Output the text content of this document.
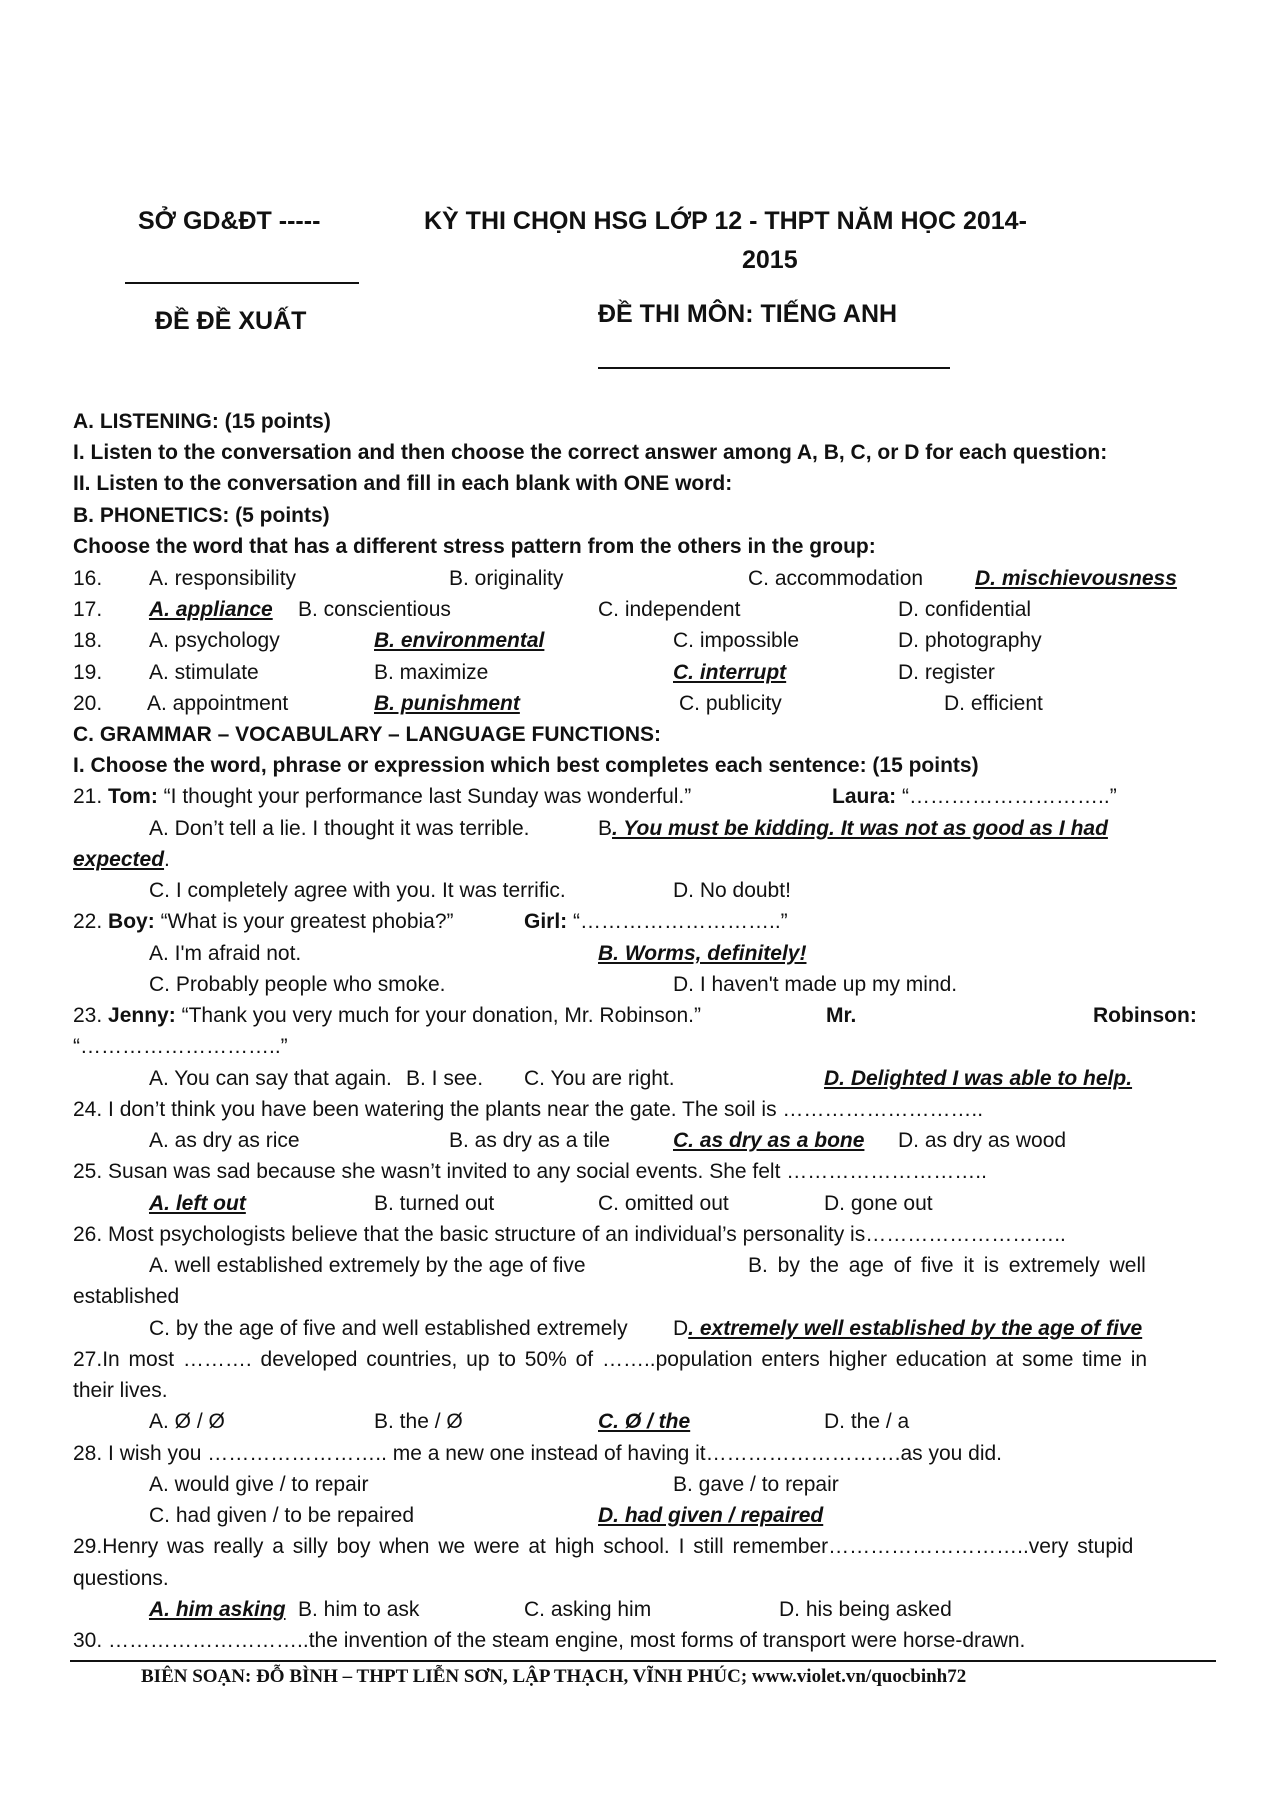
SỞ GD&ĐT -----
ĐỀ ĐỀ XUẤT
KỲ THI CHỌN HSG LỚP 12 - THPT NĂM HỌC 2014-
2015
ĐỀ THI MÔN: TIẾNG ANH
A. LISTENING: (15 points)
I. Listen to the conversation and then choose the correct answer among A, B, C, or D for each question:
II. Listen to the conversation and fill in each blank with ONE word:
B. PHONETICS: (5 points)
Choose the word that has a different stress pattern from the others in the group:
16. A. responsibility	B. originality	C. accommodation D. mischievousness
17. A. appliance B. conscientious	C. independent	D. confidential
18. A. psychology	B. environmental	C. impossible	D. photography
19. A. stimulate	B. maximize	C. interrupt	D. register
20. A. appointment	B. punishment	C. publicity	D. efficient
C. GRAMMAR – VOCABULARY – LANGUAGE FUNCTIONS:
I. Choose the word, phrase or expression which best completes each sentence: (15 points)
21. Tom: “I thought your performance last Sunday was wonderful.”	Laura: “………………………..”
A. Don’t tell a lie. I thought it was terrible.	B. You must be kidding. It was not as good as I had
expected.
C. I completely agree with you. It was terrific.	D. No doubt!
22. Boy: “What is your greatest phobia?”	Girl: “………………………..”
A. I'm afraid not.	B. Worms, definitely!
C. Probably people who smoke.	D. I haven't made up my mind.
23. Jenny: “Thank you very much for your donation, Mr. Robinson.”	Mr.	Robinson:
“………………………..”
A. You can say that again. B. I see. C. You are right.	D. Delighted I was able to help.
24. I don’t think you have been watering the plants near the gate. The soil is ………………………..
A. as dry as rice	B. as dry as a tile	C. as dry as a bone D. as dry as wood
25. Susan was sad because she wasn’t invited to any social events. She felt ………………………..
A. left out	B. turned out	C. omitted out	D. gone out
26. Most psychologists believe that the basic structure of an individual’s personality is………………………..
A. well established extremely by the age of five	B. by the age of five it is extremely well
established
C. by the age of five and well established extremely D. extremely well established by the age of five
27.In most ………. developed countries, up to 50% of ……..population enters higher education at some time in
their lives.
A. Ø / Ø	B. the / Ø	C. Ø / the	D. the / a
28. I wish you …………………….. me a new one instead of having it……………………….as you did.
A. would give / to repair	B. gave / to repair
C. had given / to be repaired	D. had given / repaired
29.Henry was really a silly boy when we were at high school. I still remember………………………..very stupid
questions.
A. him asking B. him to ask	C. asking him	D. his being asked
30. ………………………..the invention of the steam engine, most forms of transport were horse-drawn.
BIÊN SOẠN: ĐỖ BÌNH – THPT LIỄN SƠN, LẬP THẠCH, VĨNH PHÚC; www.violet.vn/quocbinh72
